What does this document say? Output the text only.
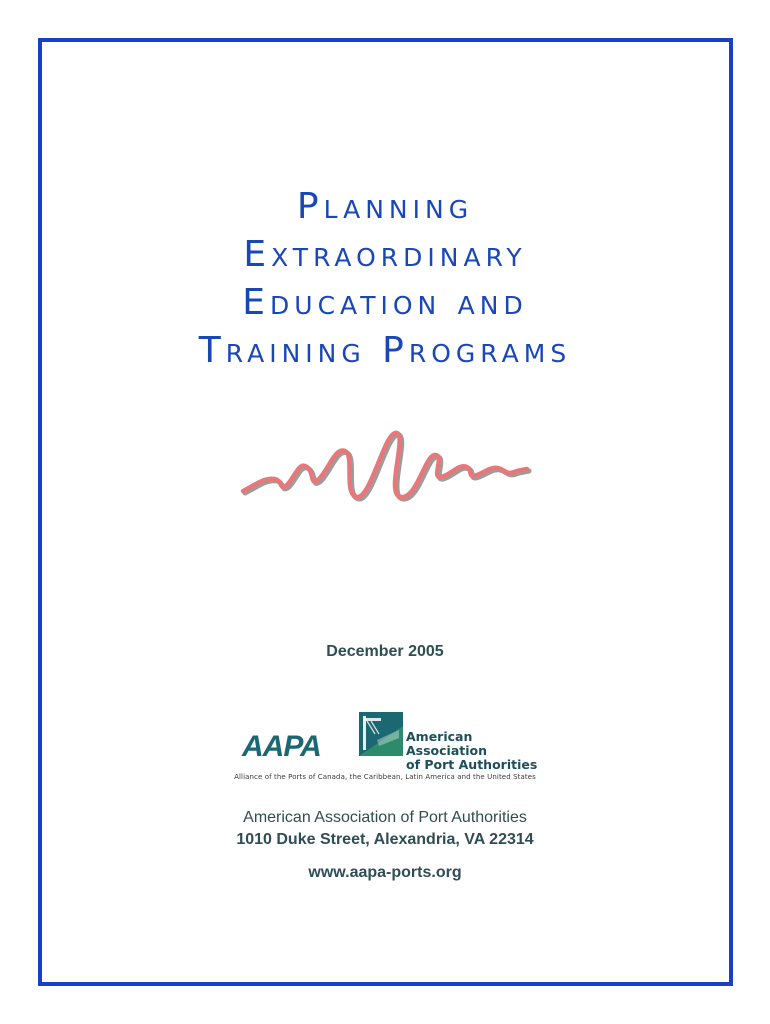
Planning
Extraordinary
Education and
Training Programs
December 2005
AAPA	American Association
of Port Authorities
Alliance of the Ports of Canada, the Caribbean, Latin America and the United States
American Association of Port Authorities
1010 Duke Street, Alexandria, VA 22314
www.aapa-ports.org
